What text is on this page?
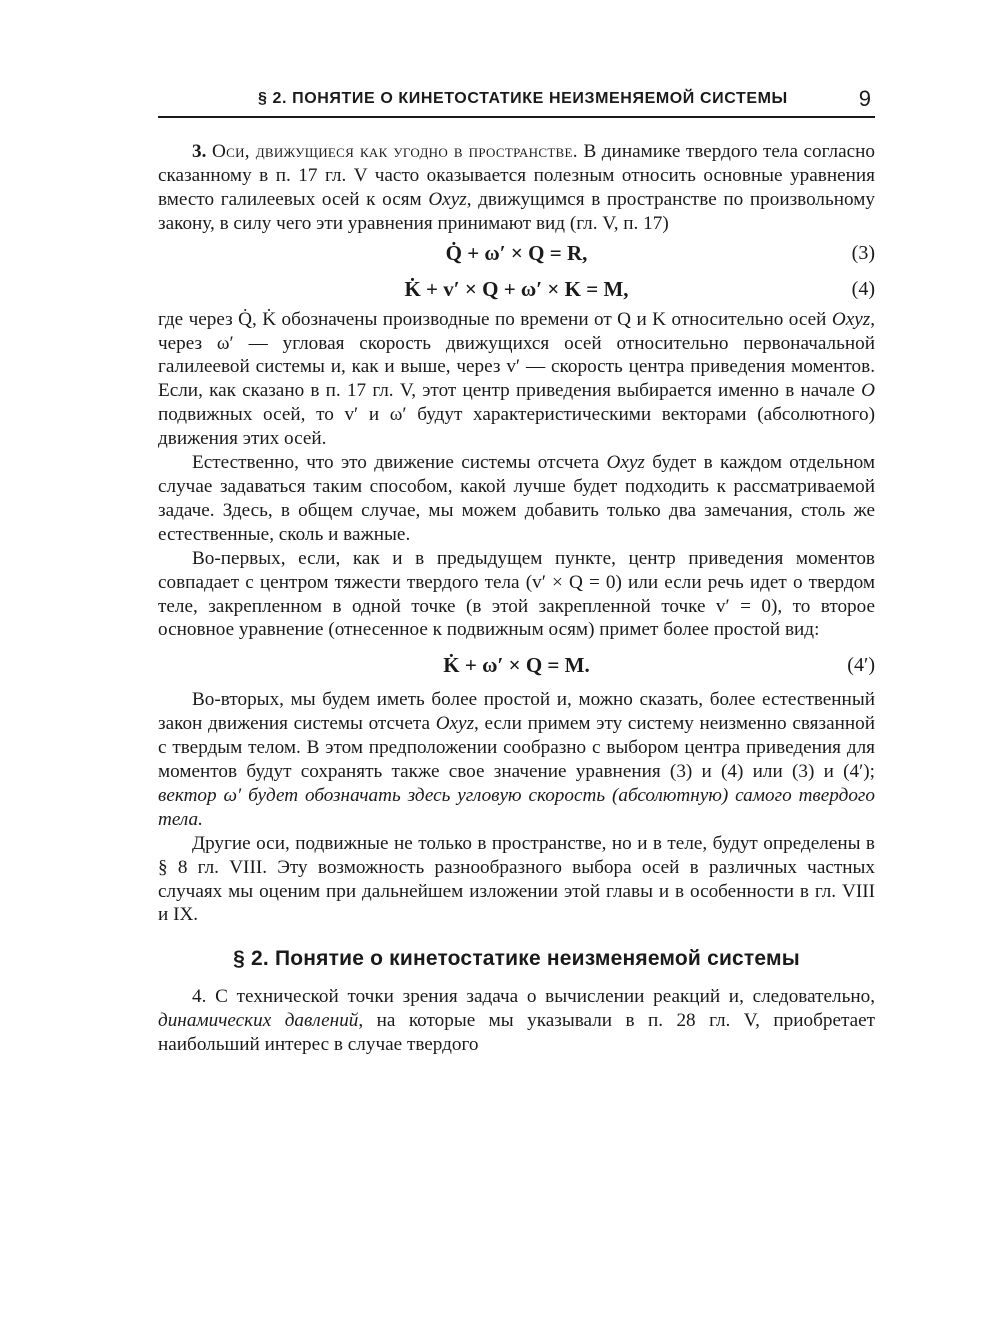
§ 2. ПОНЯТИЕ О КИНЕТОСТАТИКЕ НЕИЗМЕНЯЕМОЙ СИСТЕМЫ	9

3. Оси, движущиеся как угодно в пространстве. В динамике твердого тела согласно сказанному в п. 17 гл. V часто оказывается полезным относить основные уравнения вместо галилеевых осей к осям Oxyz, движущимся в пространстве по произвольному закону, в силу чего эти уравнения принимают вид (гл. V, п. 17)

Q̇ + ω′ × Q = R,	(3)
K̇ + v′ × Q + ω′ × K = M,	(4)

где через Q̇, K̇ обозначены производные по времени от Q и K относительно осей Oxyz, через ω′ — угловая скорость движущихся осей относительно первоначальной галилеевой системы и, как и выше, через v′ — скорость центра приведения моментов. Если, как сказано в п. 17 гл. V, этот центр приведения выбирается именно в начале O подвижных осей, то v′ и ω′ будут характеристическими векторами (абсолютного) движения этих осей.

Естественно, что это движение системы отсчета Oxyz будет в каждом отдельном случае задаваться таким способом, какой лучше будет подходить к рассматриваемой задаче. Здесь, в общем случае, мы можем добавить только два замечания, столь же естественные, сколь и важные.

Во-первых, если, как и в предыдущем пункте, центр приведения моментов совпадает с центром тяжести твердого тела (v′ × Q = 0) или если речь идет о твердом теле, закрепленном в одной точке (в этой закрепленной точке v′ = 0), то второе основное уравнение (отнесенное к подвижным осям) примет более простой вид:

K̇ + ω′ × Q = M.	(4′)

Во-вторых, мы будем иметь более простой и, можно сказать, более естественный закон движения системы отсчета Oxyz, если примем эту систему неизменно связанной с твердым телом. В этом предположении сообразно с выбором центра приведения для моментов будут сохранять также свое значение уравнения (3) и (4) или (3) и (4′); вектор ω′ будет обозначать здесь угловую скорость (абсолютную) самого твердого тела.

Другие оси, подвижные не только в пространстве, но и в теле, будут определены в § 8 гл. VIII. Эту возможность разнообразного выбора осей в различных частных случаях мы оценим при дальнейшем изложении этой главы и в особенности в гл. VIII и IX.

§ 2. Понятие о кинетостатике неизменяемой системы

4. С технической точки зрения задача о вычислении реакций и, следовательно, динамических давлений, на которые мы указывали в п. 28 гл. V, приобретает наибольший интерес в случае твердого
